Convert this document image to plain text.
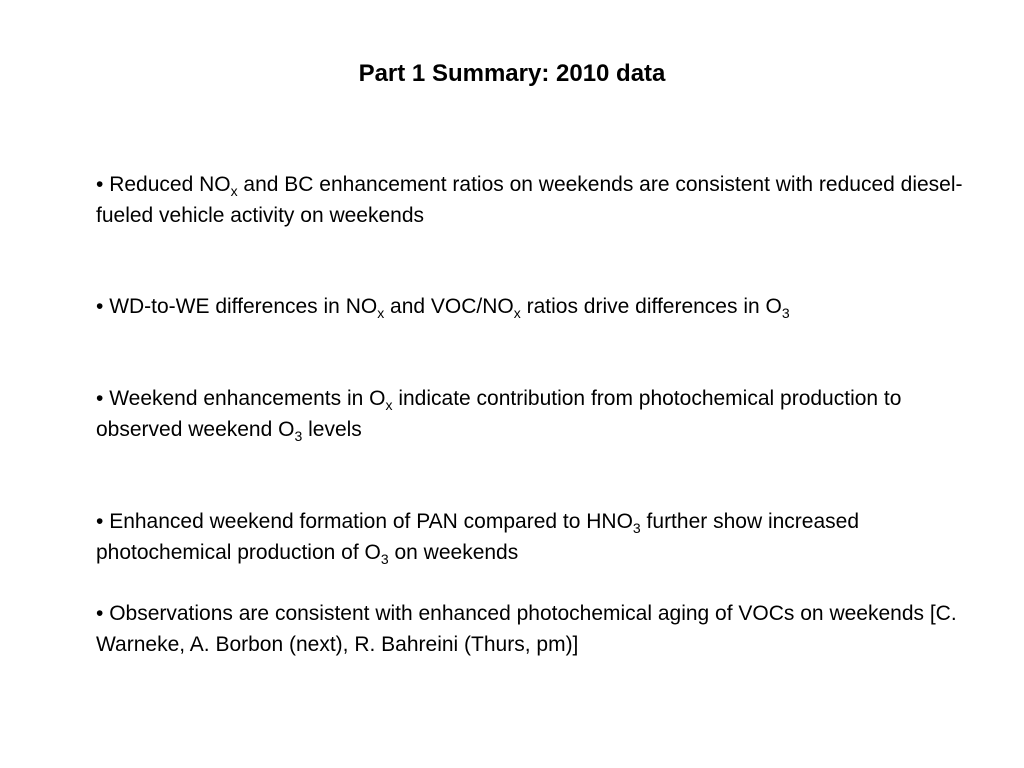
Part 1 Summary: 2010 data
• Reduced $NO_x$ and BC enhancement ratios on weekends are consistent with reduced diesel-fueled vehicle activity on weekends
• WD-to-WE differences in $NO_x$ and VOC/$NO_x$ ratios drive differences in $O_3$
• Weekend enhancements in $O_x$ indicate contribution from photochemical production to observed weekend $O_3$ levels
• Enhanced weekend formation of PAN compared to $HNO_3$ further show increased photochemical production of $O_3$ on weekends
• Observations are consistent with enhanced photochemical aging of VOCs on weekends [C. Warneke, A. Borbon (next), R. Bahreini (Thurs, pm)]
